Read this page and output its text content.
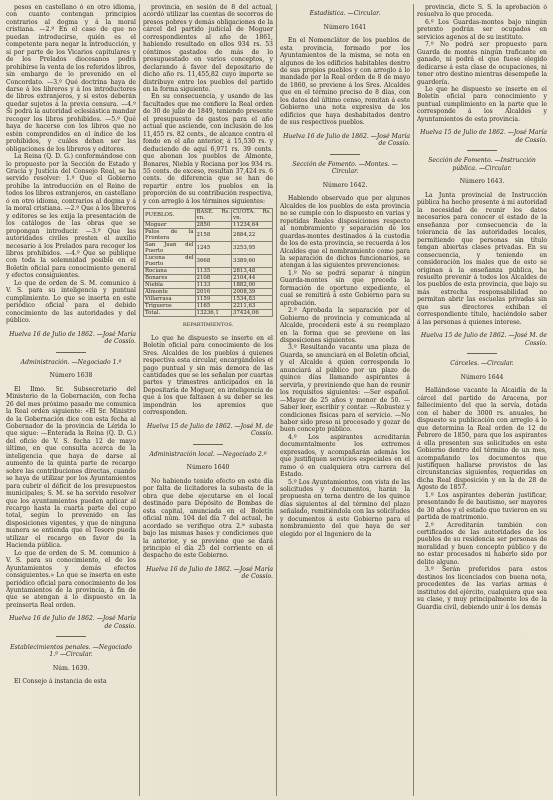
pesos en castellano ó en otro idioma, con cuanto contengan principios contrarios al dogma y á la moral cristiana. —2.º En el caso de que no puedan introducirse, quién es el competente para negar la introducción, y si por parte de los Vicarios capitulares y de los Prelados diocesanos podrá prohibirse la venta de los referidos libros, sin embargo de lo prevenido en el Concordato. —3.º Qué doctrina haya de darse á los libreros y á los introductores de libros extranjeros, y si estos deberán quedar sujetos á la previa censura. —4.º Si podrá la autoridad eclesiástica mandar recoger los libros prohibidos. —5.º Qué haya de hacerse con los libros que no estén comprendidos en el índice de los prohibidos, y cuáles deban ser las obligaciones de los libreros y editores.

La Reina (Q. D. G.) conformándose con lo propuesto por la Sección de Estado y Gracia y Justicia del Consejo Real, se ha servido resolver: 1.º Que el Gobierno prohíbe la introducción en el Reino de todos los libros extranjeros, en castellano ó en otro idioma, contrarios al dogma y á la moral cristiana. —2.º Que á los libreros y editores se les exija la presentación de los catálogos de las obras que se propongan introducir. —3.º Que las autoridades civiles presten el auxilio necesario á los Prelados para recoger los libros prohibidos. —4.º Que se publique con toda la solemnidad posible en el Boletín oficial para conocimiento general y efectos consiguientes.

Lo que de orden de S. M. comunico á V. S. para su inteligencia y puntual cumplimiento. Lo que se inserta en este periódico oficial para el debido conocimiento de las autoridades y del público.

Huelva 16 de Julio de 1862. —José María de Cossío.

Administración. —Negociado 1.º

Número 1638

El Ilmo. Sr. Subsecretario del Ministerio de la Gobernación, con fecha 26 del mes próximo pasado me comunica la Real orden siguiente: «El Sr. Ministro de la Gobernación dice con esta fecha al Gobernador de la provincia de Lérida lo que sigue: —Enterada la Reina (Q. D. G.) del oficio de V. S. fecha 12 de mayo último, en que consulta acerca de la inteligencia que haya de darse al aumento de la quinta parte de recargo sobre las contribuciones directas, cuando se haya de utilizar por los Ayuntamientos para cubrir el déficit de los presupuestos municipales; S. M. se ha servido resolver que los ayuntamientos pueden aplicar al recargo hasta la cuarta parte del cupo total, según lo prevenido en las disposiciones vigentes, y que de ninguna manera se entienda que el Tesoro pueda utilizar el recargo en favor de la Hacienda pública.

Lo que de orden de S. M. comunico á V. S. para su conocimiento, el de los Ayuntamientos y demás efectos consiguientes.» Lo que se inserta en este periódico oficial para conocimiento de los Ayuntamientos de la provincia, á fin de que se atengan á lo dispuesto en la preinserta Real orden.

Huelva 16 de Julio de 1862. —José María de Cossío.

Establecimientos penales. —Negociado 1.º —Circular.

Núm. 1639.

El Consejo á instancia de esta

provincia, en sesión de 8 del actual, acordó utilizar las cuentas de socorros de presos pobres y demás obligaciones de la cárcel del partido judicial de Moguer correspondientes al año de 1861, habiendo resultado en ellos 934 rs. 53 céntimos gastados de más de lo presupuestado en varios conceptos, y declarando á favor del depositario de dicho año rs. 11,455,82 cuyo importe se distribuye entre los pueblos del partido en la forma siguiente.

En su consecuencia, y usando de las facultades que me confiere la Real orden de 30 de julio de 1849, teniendo presente el presupuesto de gastos para el año actual que asciende, con inclusión de los 11,455 rs. 82 cents., de alcance contra el fondo en el año anterior, á 15,530 rs. y deduciendo de aquí 6,971 rs. 39 cents. que abonan los pueblos de Almonte, Bonares, Niebla y Rociana por los 934 rs. 55 cents. de exceso, resultan 37,424 rs. 6 cents. de diferencia que se han de repartir entre los pueblos en la proporción de su contribución respectiva, y con arreglo á los términos siguientes:

PUEBLOS.	BASE. Rs. vn.	CUOTA. Rs. vn.
Moguer	2850	11234,64
Palos de la Frontera	2158	2884,22
San Juan del Puerto	1245	3253,95
Lucena del Puerto	3668	3389,60
Rociana	1135	2813,48
Bonares	2108	2104,44
Niebla	1133	1882,00
Almonte	2016	2008,39
Villarrasa	1159	1534,83
Trigueros	1165	2211,63
Total.	13236,1	37424,06

REPARTIMIENTOS.

Lo que he dispuesto se inserte en el Boletín oficial para conocimiento de los Sres. Alcaldes de los pueblos á quienes respectiva esta circular, encargándoles el pago puntual y sin más demora de las cantidades que se les señalan por cuartas partes y trimestres anticipados en la Depositaría de Moguer, en inteligencia de que á los que faltasen á su deber se les impondrán los apremios que corresponden.

Huelva 15 de Julio de 1862. —José M. de Cossío.

Administración local. —Negociado 2.º

Número 1640

No habiendo tenido efecto en este día por falta de licitadores la subasta de la obra que debe ejecutarse en el local destinado para Depósito de Bombas de esta capital, anunciada en el Boletín oficial núm. 104 del día 7 del actual, he acordado se verifique otra 2.ª subasta bajo las mismas bases y condiciones que la anterior, y se previene que se dará principio el día 25 del corriente en el despacho de este Gobierno.

Huelva 16 de Julio de 1862. —José María de Cossío.

Estadística. —Circular.

Número 1641

En el Nomenclátor de los pueblos de esta provincia, formado por los Ayuntamientos de la misma, se nota en algunos de los edificios habitables dentro de sus propios pueblos y con arreglo á lo mandado por la Real orden de 8 de mayo de 1860, se previene á los Sres. Alcaldes que en el término preciso de 8 días, con los datos del último censo, remitan á este Gobierno una nota expresiva de los edificios que haya deshabitados dentro de sus respectivos pueblos.

Huelva 16 de Julio de 1862. —José María de Cossío.

Sección de Fomento. —Montes. —Circular.

Número 1642.

Habiendo observado que por algunos Alcaldes de los pueblos de esta provincia no se cumple con lo dispuesto en varias y repetidas Reales disposiciones respecto al nombramiento y separación de los guardas-montes destinados á la custodia de los de esta provincia, se recuerda á los Alcaldes que el nombramiento como para la separación de dichos funcionarios, se atengan á las siguientes prevenciones:

1.º No se podrá separar á ningún Guarda-montes sin que preceda la formación de oportuno expediente, el cual se remitirá á este Gobierno para su aprobación.

2.º Aprobada la separación por el Gobierno de provincia y comunicada al Alcalde, procederá este á su reemplazo en la forma que se previene en las disposiciones siguientes.

3.º Resultando vacante una plaza de Guarda, se anunciará en el Boletín oficial, y el Alcalde á quien corresponda lo anunciará al público por un plazo de quince días llamando aspirantes á servirla, y previniendo que han de reunir los requisitos siguientes: —Ser español. —Mayor de 25 años y menor de 50. —Saber leer, escribir y contar. —Robustez y condiciones físicas para el servicio. —No haber sido preso ni procesado y gozar de buen concepto público.

4.º Los aspirantes acreditarán documentalmente los extremos expresados, y acompañarán además los que justifiquen servicios especiales en el ramo ó en cualquiera otra carrera del Estado.

5.º Los Ayuntamientos, con vista de las solicitudes y documentos, harán la propuesta en terna dentro de los quince días siguientes al del término del plazo señalado, remitiéndola con las solicitudes y documentos á este Gobierno para el nombramiento del que haya de ser elegido por el Ingeniero de la

provincia, dicte S. S. la aprobación ó resuelva lo que proceda.

6.º Los Guardas-montes bajo ningún pretexto podrán ser ocupados en servicios agenos al de su instituto.

7.º No podrá ser propuesto para Guarda de montes ningún traficante en ganado, ni podrá el que fuese elegido dedicarse á esta clase de ocupaciones, ni tener otro destino mientras desempeñe la guardería.

Lo que he dispuesto se inserte en el Boletín oficial para conocimiento y puntual cumplimiento en la parte que le corresponde á los Alcaldes y Ayuntamientos de esta provincia.

Huelva 15 de Julio de 1862. —José María de Cossío.

Sección de Fomento. —Instrucción pública. —Circular.

Número 1643.

La Junta provincial de Instrucción pública ha hecho presente á mi autoridad la necesidad de reunir los datos necesarios para conocer el estado de la enseñanza por consecuencia de la tolerancia de las autoridades locales, permitiendo que personas sin título tengan abiertas clases privadas. En su consecuencia, y teniendo en consideración los males que de esto se originan á la enseñanza pública, he resuelto prevenir á todos los Alcaldes de los pueblos de esta provincia, que bajo su más estrecha responsabilidad no permitan abrir las escuelas privadas sin que sus directores exhiban el correspondiente título, haciéndolo saber á las personas á quienes interese.

Huelva 15 de Julio de 1862. —José M. de Cossío.

Cárceles. —Circular.

Número 1644

Hallándose vacante la Alcaidía de la cárcel del partido de Aracena, por fallecimiento del que la servía, dotada con el haber de 3000 rs. anuales, he dispuesto su publicación con arreglo á lo que determina la Real orden de 12 de Febrero de 1850, para que los aspirantes á ella presenten sus solicitudes en este Gobierno dentro del término de un mes, acompañando los documentos que justifiquen hallarse provistos de las circunstancias siguientes, requeridas en dicha Real disposición y en la de 28 de Agosto de 1857.

1.º Los aspirantes deberán justificar, presentando fe de bautismo, ser mayores de 30 años y el estado que tuvieron en su partida de matrimonio.

2.º Acreditarán también con certificados de las autoridades de los pueblos de su residencia ser personas de moralidad y buen concepto público y de no estar procesados ni haberlo sido por delito alguno.

3.º Serán preferidos para estos destinos los licenciados con buena nota, procedentes de las varias armas é institutos del ejército, cualquiera que sea su clase, y muy principalmente los de la Guardia civil, debiendo unir á los demás
